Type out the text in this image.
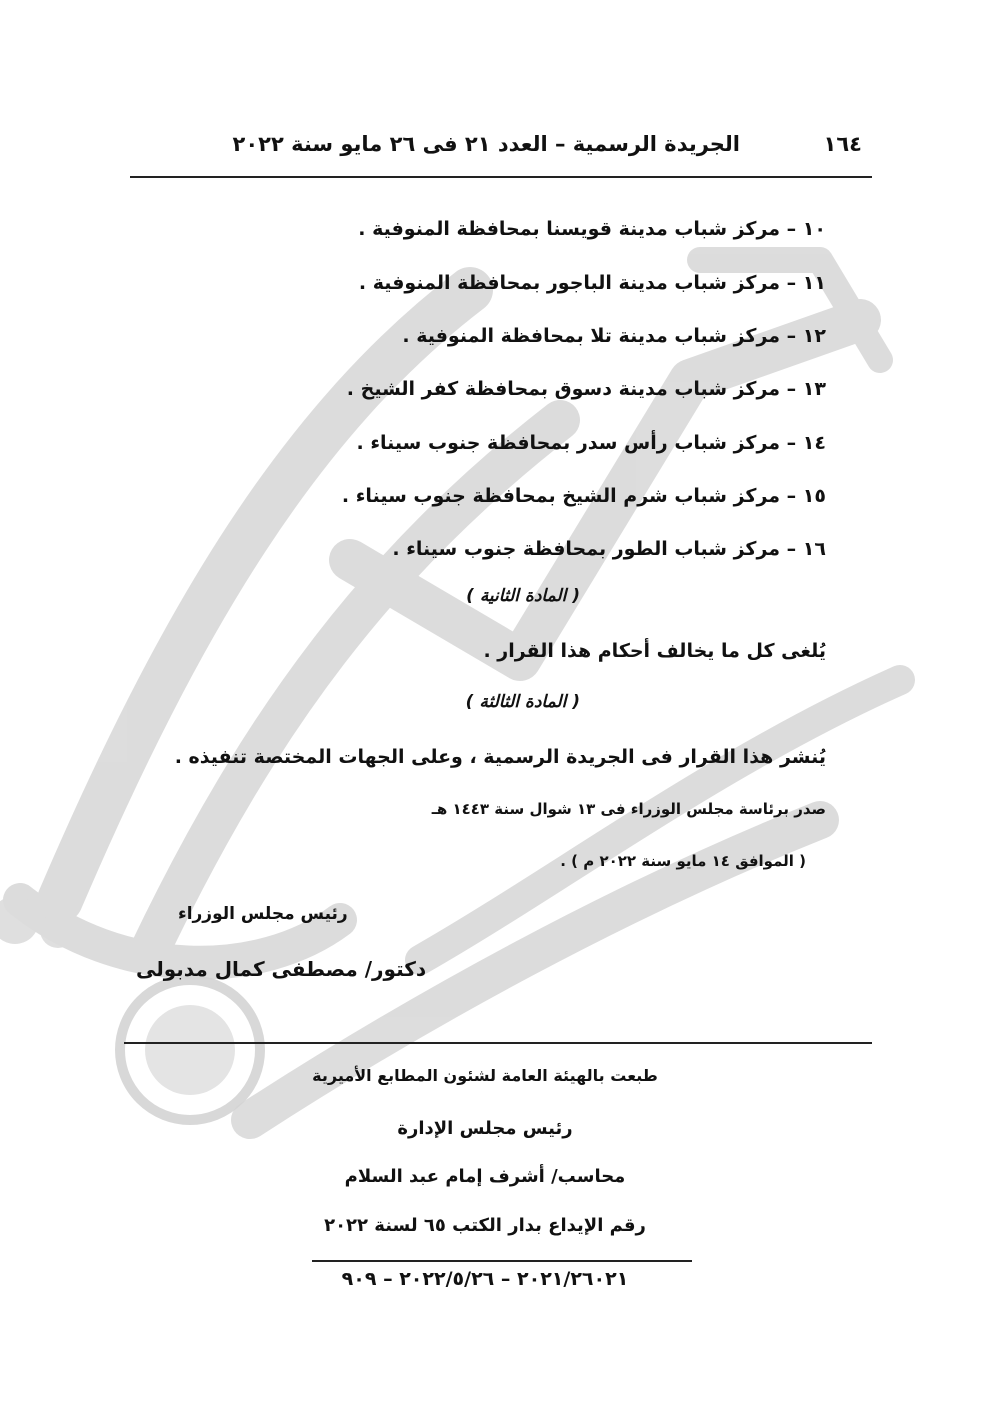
١٦٤
الجريدة الرسمية – العدد ٢١ فى ٢٦ مايو سنة ٢٠٢٢
١٠ – مركز شباب مدينة قويسنا بمحافظة المنوفية .
١١ – مركز شباب مدينة الباجور بمحافظة المنوفية .
١٢ – مركز شباب مدينة تلا بمحافظة المنوفية .
١٣ – مركز شباب مدينة دسوق بمحافظة كفر الشيخ .
١٤ – مركز شباب رأس سدر بمحافظة جنوب سيناء .
١٥ – مركز شباب شرم الشيخ بمحافظة جنوب سيناء .
١٦ – مركز شباب الطور بمحافظة جنوب سيناء .
( المادة الثانية )
يُلغى كل ما يخالف أحكام هذا القرار .
( المادة الثالثة )
يُنشر هذا القرار فى الجريدة الرسمية ، وعلى الجهات المختصة تنفيذه .
صدر برئاسة مجلس الوزراء فى ١٣ شوال سنة ١٤٤٣ هـ
( الموافق ١٤ مايو سنة ٢٠٢٢ م ) .
رئيس مجلس الوزراء
دكتور/ مصطفى كمال مدبولى
طبعت بالهيئة العامة لشئون المطابع الأميرية
رئيس مجلس الإدارة
محاسب/ أشرف إمام عبد السلام
رقم الإيداع بدار الكتب ٦٥ لسنة ٢٠٢٢
٢٠٢١/٢٦٠٢١ – ٢٠٢٢/٥/٢٦ – ٩٠٩
